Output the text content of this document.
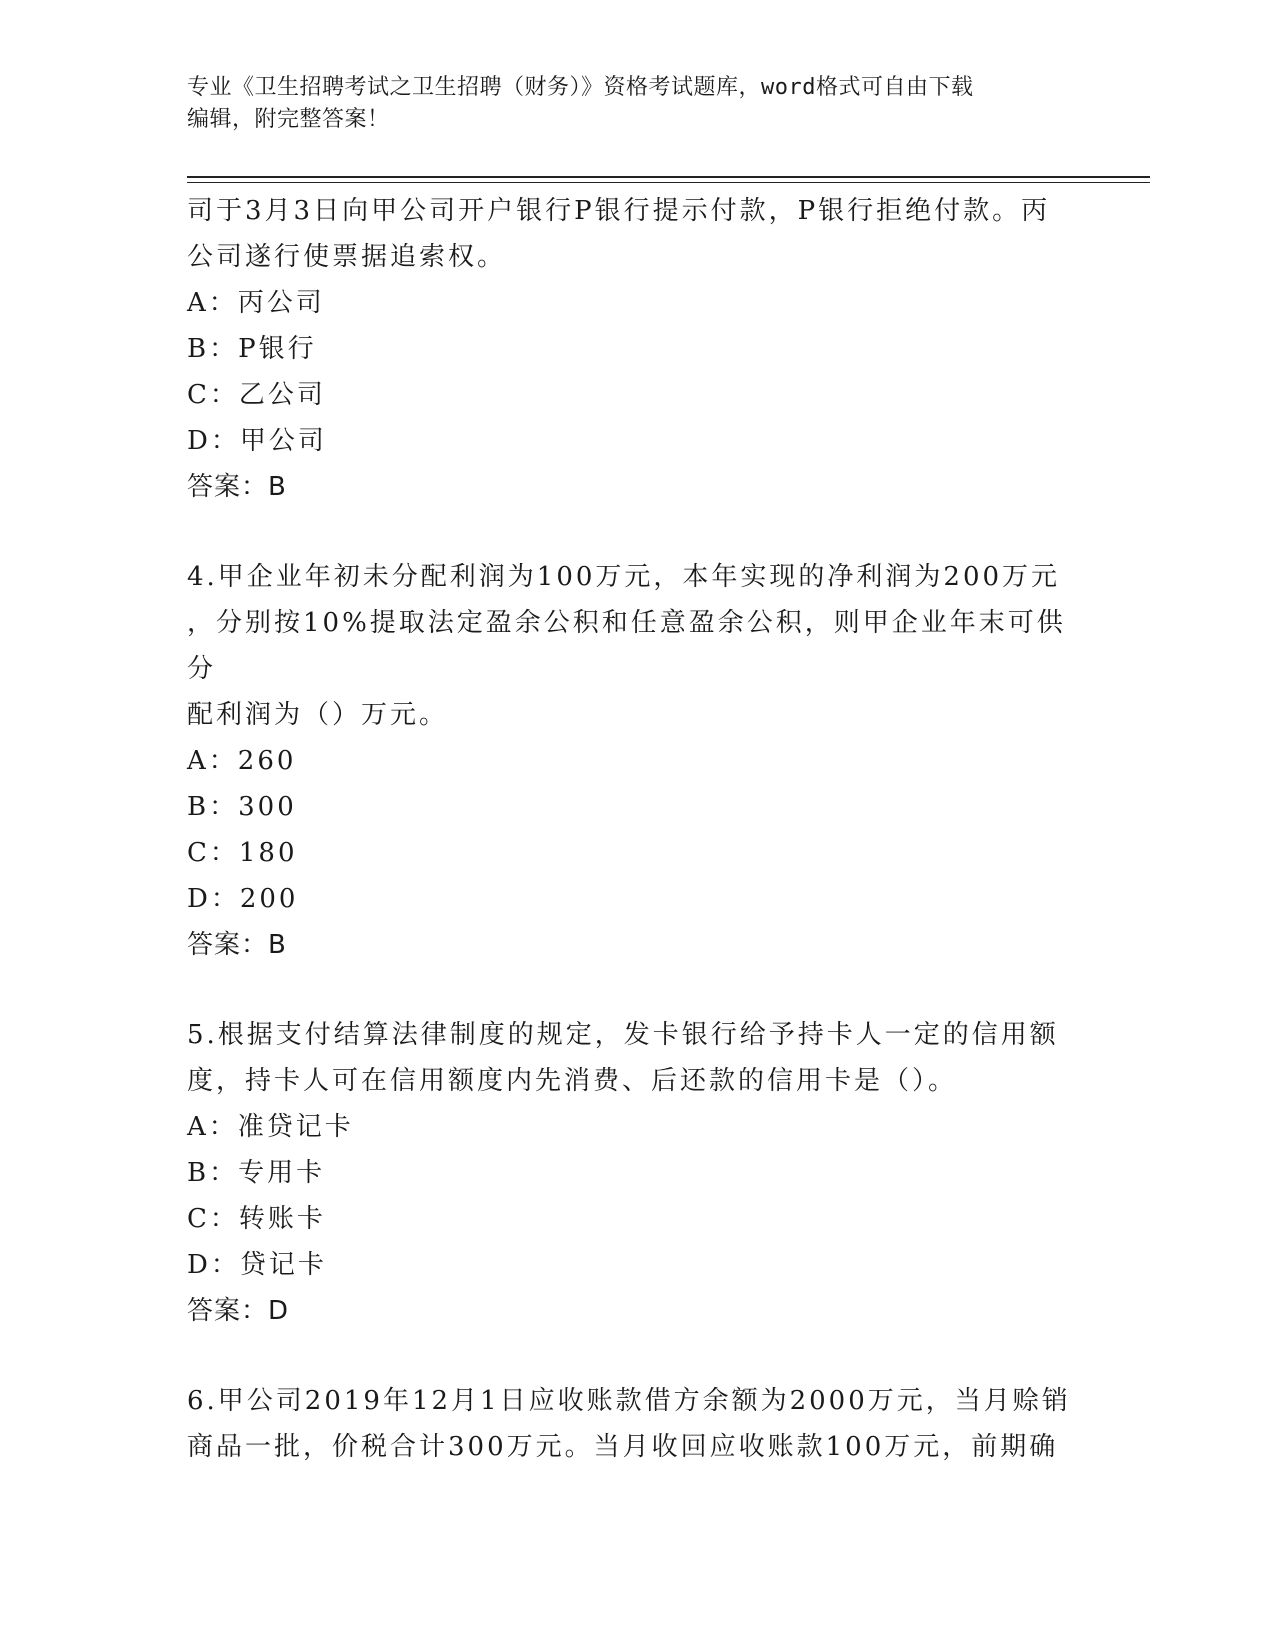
专业《卫生招聘考试之卫生招聘（财务）》资格考试题库，word格式可自由下载
编辑，附完整答案！

司于3月3日向甲公司开户银行P银行提示付款，P银行拒绝付款。丙

公司遂行使票据追索权。

A：丙公司

B：P银行

C：乙公司

D：甲公司

答案：B

4.甲企业年初未分配利润为100万元，本年实现的净利润为200万元

，分别按10%提取法定盈余公积和任意盈余公积，则甲企业年末可供分

配利润为（）万元。

A：260

B：300

C：180

D：200

答案：B

5.根据支付结算法律制度的规定，发卡银行给予持卡人一定的信用额

度，持卡人可在信用额度内先消费、后还款的信用卡是（）。

A：准贷记卡

B：专用卡

C：转账卡

D：贷记卡

答案：D

6.甲公司2019年12月1日应收账款借方余额为2000万元，当月赊销

商品一批，价税合计300万元。当月收回应收账款100万元，前期确
